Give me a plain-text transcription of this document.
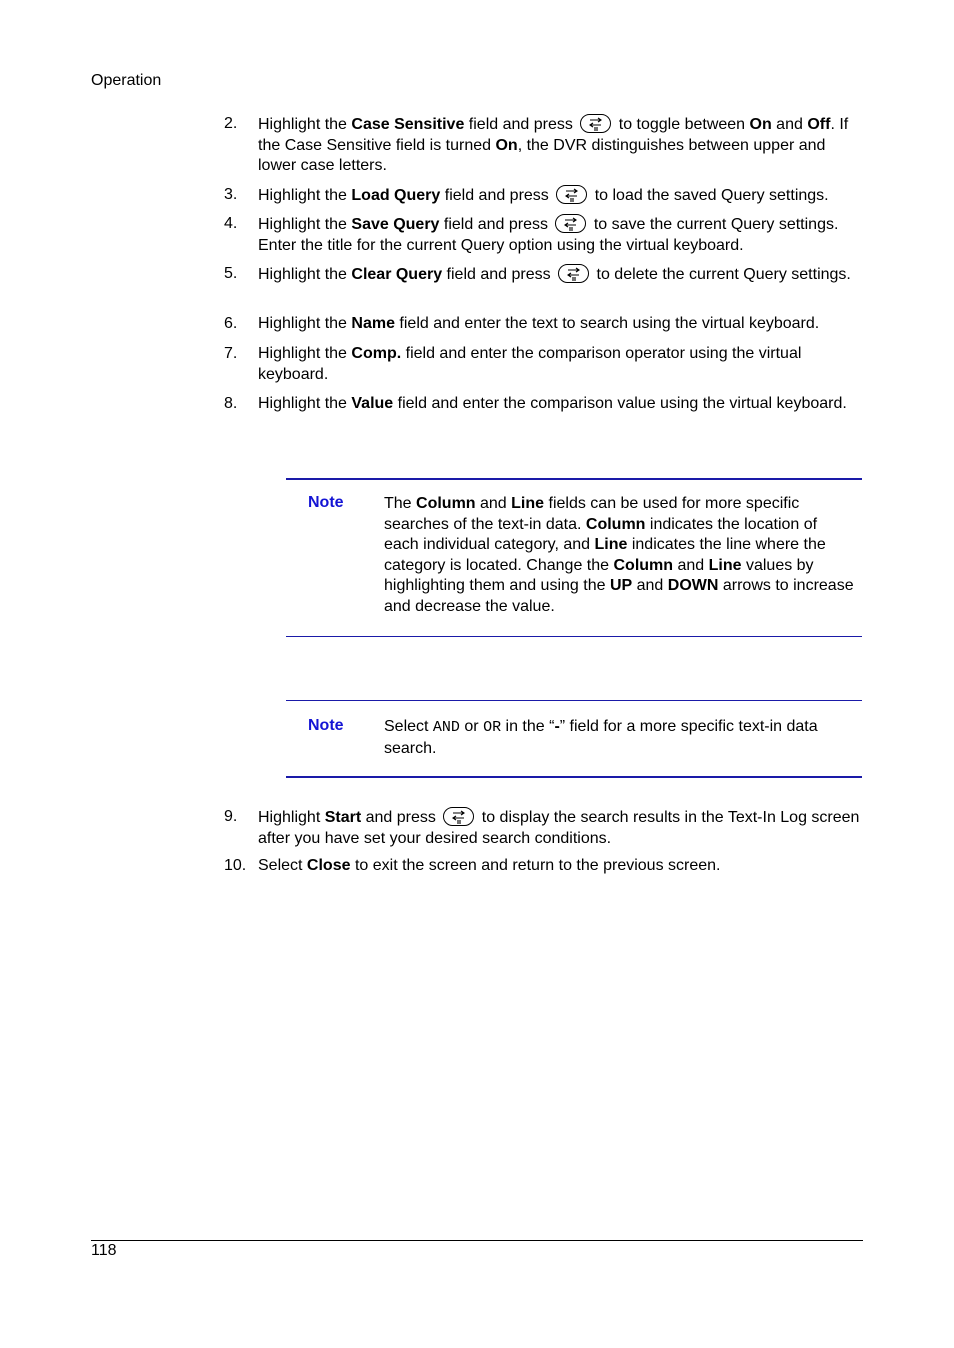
Operation
2.	Highlight the Case Sensitive field and press
to toggle between On and Off. If the Case Sensitive field is turned On, the DVR distinguishes between upper and lower case letters.
3.	Highlight the Load Query field and press
to load the saved Query settings.
4.	Highlight the Save Query field and press
to save the current Query settings. Enter the title for the current Query option using the virtual keyboard.
5.	Highlight the Clear Query field and press
to delete the current Query settings.
6.	Highlight the Name field and enter the text to search using the virtual keyboard.
7.	Highlight the Comp. field and enter the comparison operator using the virtual keyboard.
8.	Highlight the Value field and enter the comparison value using the virtual keyboard.
Note	The Column and Line fields can be used for more specific searches of the text-in data. Column indicates the location of each individual category, and Line indicates the line where the category is located. Change the Column and Line values by highlighting them and using the UP and DOWN arrows to increase and decrease the value.
Note	Select AND or OR in the “-” field for a more specific text-in data search.
9.	Highlight Start and press
to display the search results in the Text-In Log screen after you have set your desired search conditions.
10. Select Close to exit the screen and return to the previous screen.
118
